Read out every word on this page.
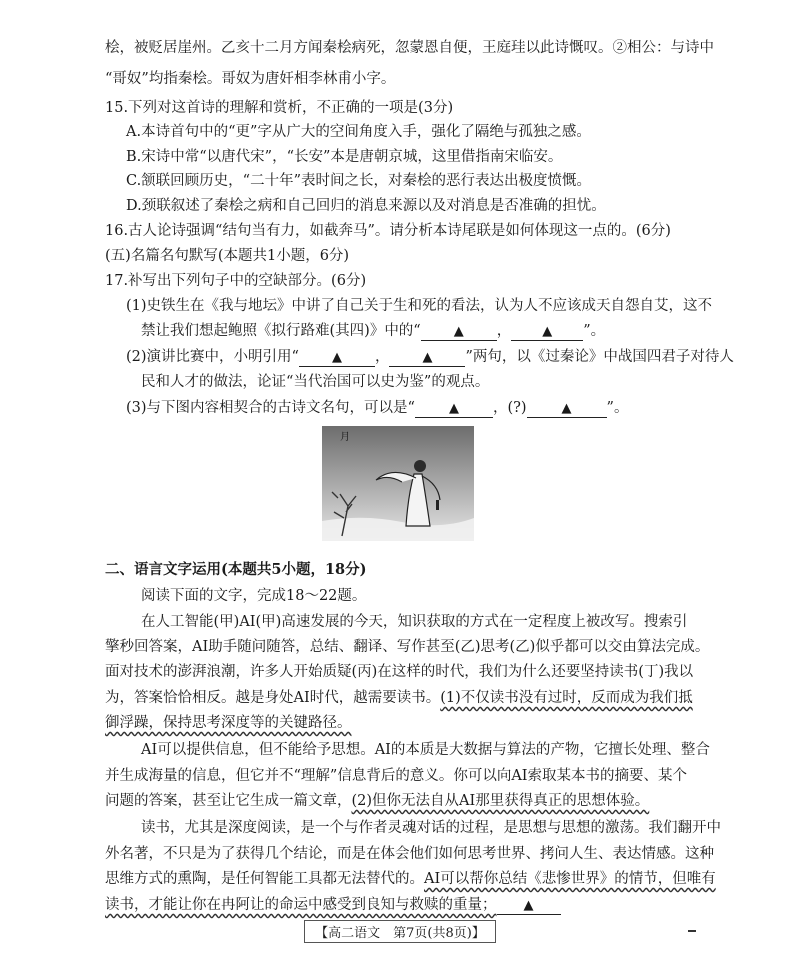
桧，被贬居崖州。乙亥十二月方闻秦桧病死，忽蒙恩自便，王庭珪以此诗慨叹。②相公：与诗中
“哥奴”均指秦桧。哥奴为唐奸相李林甫小字。
15.下列对这首诗的理解和赏析，不正确的一项是(3分)
A.本诗首句中的“更”字从广大的空间角度入手，强化了隔绝与孤独之感。
B.宋诗中常“以唐代宋”，“长安”本是唐朝京城，这里借指南宋临安。
C.颔联回顾历史，“二十年”表时间之长，对秦桧的恶行表达出极度愤慨。
D.颈联叙述了秦桧之病和自己回归的消息来源以及对消息是否准确的担忧。
16.古人论诗强调“结句当有力，如截奔马”。请分析本诗尾联是如何体现这一点的。(6分)
(五)名篇名句默写(本题共1小题，6分)
17.补写出下列句子中的空缺部分。(6分)
(1)史铁生在《我与地坛》中讲了自己关于生和死的看法，认为人不应该成天自怨自艾，这不
禁让我们想起鲍照《拟行路难(其四)》中的“	▲ ， ▲ ”。
(2)演讲比赛中，小明引用“	▲ ，	▲ ”两句，以《过秦论》中战国四君子对待人
民和人才的做法，论证“当代治国可以史为鉴”的观点。
(3)与下图内容相契合的古诗文名句，可以是“	▲ ，(?)	▲ ”。
月
二、语言文字运用(本题共5小题，18分)
阅读下面的文字，完成18～22题。
在人工智能(甲)AI(甲)高速发展的今天，知识获取的方式在一定程度上被改写。搜索引
擎秒回答案，AI助手随问随答，总结、翻译、写作甚至(乙)思考(乙)似乎都可以交由算法完成。
面对技术的澎湃浪潮，许多人开始质疑(丙)在这样的时代，我们为什么还要坚持读书(丁)我以
为，答案恰恰相反。越是身处AI时代，越需要读书。(1)不仅读书没有过时，反而成为我们抵
御浮躁，保持思考深度等的关键路径。
AI可以提供信息，但不能给予思想。AI的本质是大数据与算法的产物，它擅长处理、整合
并生成海量的信息，但它并不“理解”信息背后的意义。你可以向AI索取某本书的摘要、某个
问题的答案，甚至让它生成一篇文章，(2)但你无法自从AI那里获得真正的思想体验。
读书，尤其是深度阅读，是一个与作者灵魂对话的过程，是思想与思想的激荡。我们翻开中
外名著，不只是为了获得几个结论，而是在体会他们如何思考世界、拷问人生、表达情感。这种
思维方式的熏陶，是任何智能工具都无法替代的。AI可以帮你总结《悲惨世界》的情节，但唯有
读书，才能让你在冉阿让的命运中感受到良知与救赎的重量； ▲
【高二语文　第7页(共8页)】
